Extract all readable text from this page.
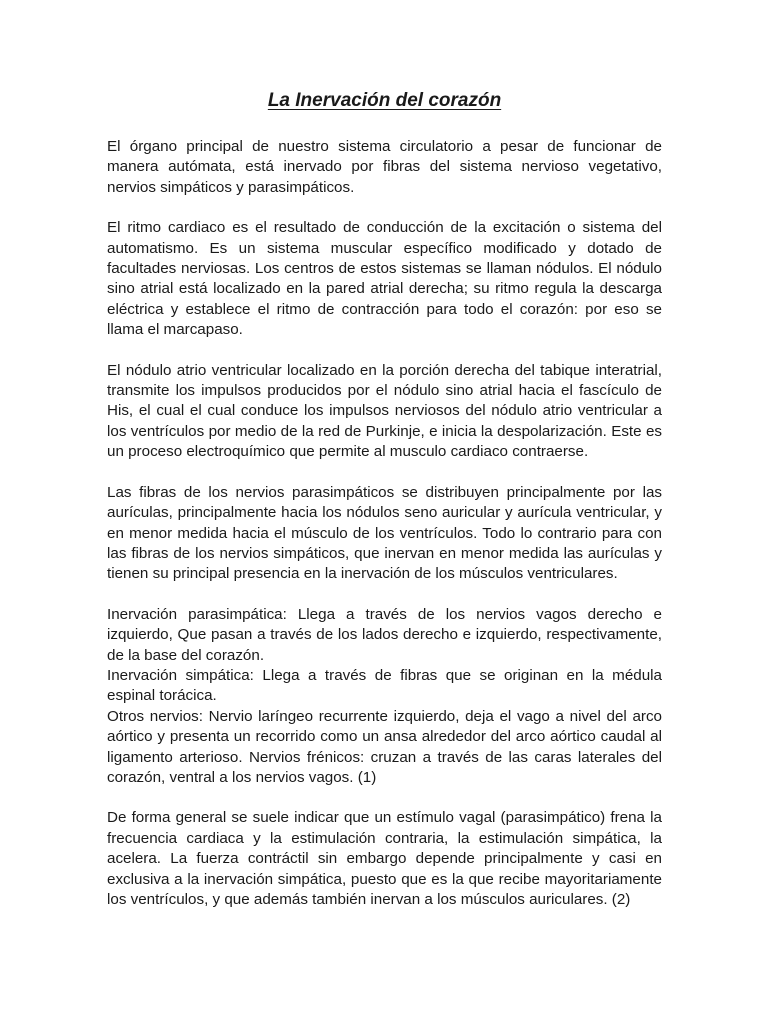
La Inervación del corazón

El órgano principal de nuestro sistema circulatorio a pesar de funcionar de manera autómata, está inervado por fibras del sistema nervioso vegetativo, nervios simpáticos y parasimpáticos.

El ritmo cardiaco es el resultado de conducción de la excitación o sistema del automatismo. Es un sistema muscular específico modificado y dotado de facultades nerviosas. Los centros de estos sistemas se llaman nódulos. El nódulo sino atrial está localizado en la pared atrial derecha; su ritmo regula la descarga eléctrica y establece el ritmo de contracción para todo el corazón: por eso se llama el marcapaso.

El nódulo atrio ventricular localizado en la porción derecha del tabique interatrial, transmite los impulsos producidos por el nódulo sino atrial hacia el fascículo de His, el cual el cual conduce los impulsos nerviosos del nódulo atrio ventricular a los ventrículos por medio de la red de Purkinje, e inicia la despolarización. Este es un proceso electroquímico que permite al musculo cardiaco contraerse.

Las fibras de los nervios parasimpáticos se distribuyen principalmente por las aurículas, principalmente hacia los nódulos seno auricular y aurícula ventricular, y en menor medida hacia el músculo de los ventrículos. Todo lo contrario para con las fibras de los nervios simpáticos, que inervan en menor medida las aurículas y tienen su principal presencia en la inervación de los músculos ventriculares.

Inervación parasimpática: Llega a través de los nervios vagos derecho e izquierdo, Que pasan a través de los lados derecho e izquierdo, respectivamente, de la base del corazón.

Inervación simpática: Llega a través de fibras que se originan en la médula espinal torácica.

Otros nervios: Nervio laríngeo recurrente izquierdo, deja el vago a nivel del arco aórtico y presenta un recorrido como un ansa alrededor del arco aórtico caudal al ligamento arterioso. Nervios frénicos: cruzan a través de las caras laterales del corazón, ventral a los nervios vagos. (1)

De forma general se suele indicar que un estímulo vagal (parasimpático) frena la frecuencia cardiaca y la estimulación contraria, la estimulación simpática, la acelera. La fuerza contráctil sin embargo depende principalmente y casi en exclusiva a la inervación simpática, puesto que es la que recibe mayoritariamente los ventrículos, y que además también inervan a los músculos auriculares. (2)
